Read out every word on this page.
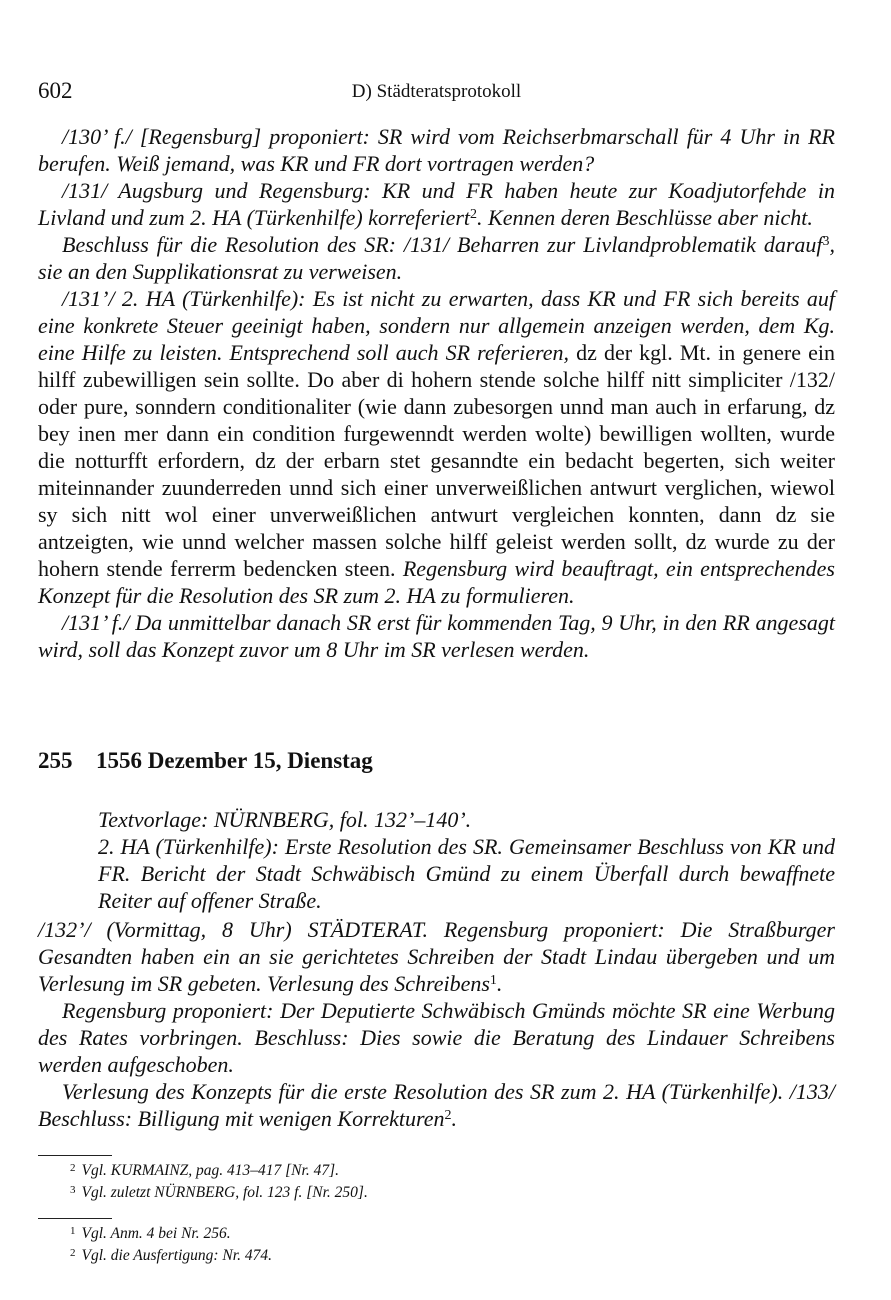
602	D) Städteratsprotokoll

/130’ f./ [Regensburg] proponiert: SR wird vom Reichserbmarschall für 4 Uhr in RR berufen. Weiß jemand, was KR und FR dort vortragen werden?

/131/ Augsburg und Regensburg: KR und FR haben heute zur Koadjutorfehde in Livland und zum 2. HA (Türkenhilfe) korreferiert$^2$. Kennen deren Beschlüsse aber nicht.

Beschluss für die Resolution des SR: /131/ Beharren zur Livlandproblematik darauf$^3$, sie an den Supplikationsrat zu verweisen.

/131’/ 2. HA (Türkenhilfe): Es ist nicht zu erwarten, dass KR und FR sich bereits auf eine konkrete Steuer geeinigt haben, sondern nur allgemein anzeigen werden, dem Kg. eine Hilfe zu leisten. Entsprechend soll auch SR referieren, dz der kgl. Mt. in genere ein hilff zubewilligen sein sollte. Do aber di hohern stende solche hilff nitt simpliciter /132/ oder pure, sonndern conditionaliter (wie dann zubesorgen unnd man auch in erfarung, dz bey inen mer dann ein condition furgewenndt werden wolte) bewilligen wollten, wurde die notturfft erfordern, dz der erbarn stet gesanndte ein bedacht begerten, sich weiter miteinnander zuunderreden unnd sich einer unverweißlichen antwurt verglichen, wiewol sy sich nitt wol einer unverweißlichen antwurt vergleichen konnten, dann dz sie antzeigten, wie unnd welcher massen solche hilff geleist werden sollt, dz wurde zu der hohern stende ferrerm bedencken steen. Regensburg wird beauftragt, ein entsprechendes Konzept für die Resolution des SR zum 2. HA zu formulieren.

/131’ f./ Da unmittelbar danach SR erst für kommenden Tag, 9 Uhr, in den RR angesagt wird, soll das Konzept zuvor um 8 Uhr im SR verlesen werden.

255 1556 Dezember 15, Dienstag

Textvorlage: NÜRNBERG, fol. 132’–140’.

2. HA (Türkenhilfe): Erste Resolution des SR. Gemeinsamer Beschluss von KR und FR. Bericht der Stadt Schwäbisch Gmünd zu einem Überfall durch bewaffnete Reiter auf offener Straße.

/132’/ (Vormittag, 8 Uhr) STÄDTERAT. Regensburg proponiert: Die Straßburger Gesandten haben ein an sie gerichtetes Schreiben der Stadt Lindau übergeben und um Verlesung im SR gebeten. Verlesung des Schreibens$^1$.

Regensburg proponiert: Der Deputierte Schwäbisch Gmünds möchte SR eine Werbung des Rates vorbringen. Beschluss: Dies sowie die Beratung des Lindauer Schreibens werden aufgeschoben.

Verlesung des Konzepts für die erste Resolution des SR zum 2. HA (Türkenhilfe). /133/ Beschluss: Billigung mit wenigen Korrekturen$^2$.

$^2$ Vgl. KURMAINZ, pag. 413–417 [Nr. 47].
$^3$ Vgl. zuletzt NÜRNBERG, fol. 123 f. [Nr. 250].
$^1$ Vgl. Anm. 4 bei Nr. 256.
$^2$ Vgl. die Ausfertigung: Nr. 474.
